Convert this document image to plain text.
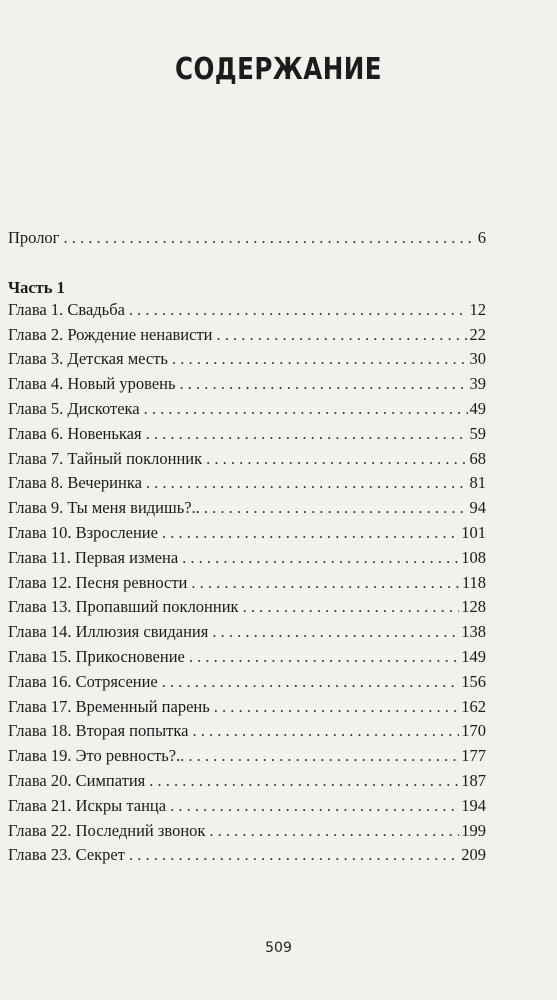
СОДЕРЖАНИЕ
Пролог . . .	6
Часть 1
Глава 1. Свадьба . . .	12
Глава 2. Рождение ненависти . . .	22
Глава 3. Детская месть . . .	30
Глава 4. Новый уровень . . .	39
Глава 5. Дискотека . . .	49
Глава 6. Новенькая . . .	59
Глава 7. Тайный поклонник . . .	68
Глава 8. Вечеринка . . .	81
Глава 9. Ты меня видишь?.. . . .	94
Глава 10. Взросление . . .	101
Глава 11. Первая измена . . .	108
Глава 12. Песня ревности . . .	118
Глава 13. Пропавший поклонник . . .	128
Глава 14. Иллюзия свидания . . .	138
Глава 15. Прикосновение . . .	149
Глава 16. Сотрясение . . .	156
Глава 17. Временный парень . . .	162
Глава 18. Вторая попытка . . .	170
Глава 19. Это ревность?.. . . .	177
Глава 20. Симпатия . . .	187
Глава 21. Искры танца . . .	194
Глава 22. Последний звонок . . .	199
Глава 23. Секрет . . .	209
509
